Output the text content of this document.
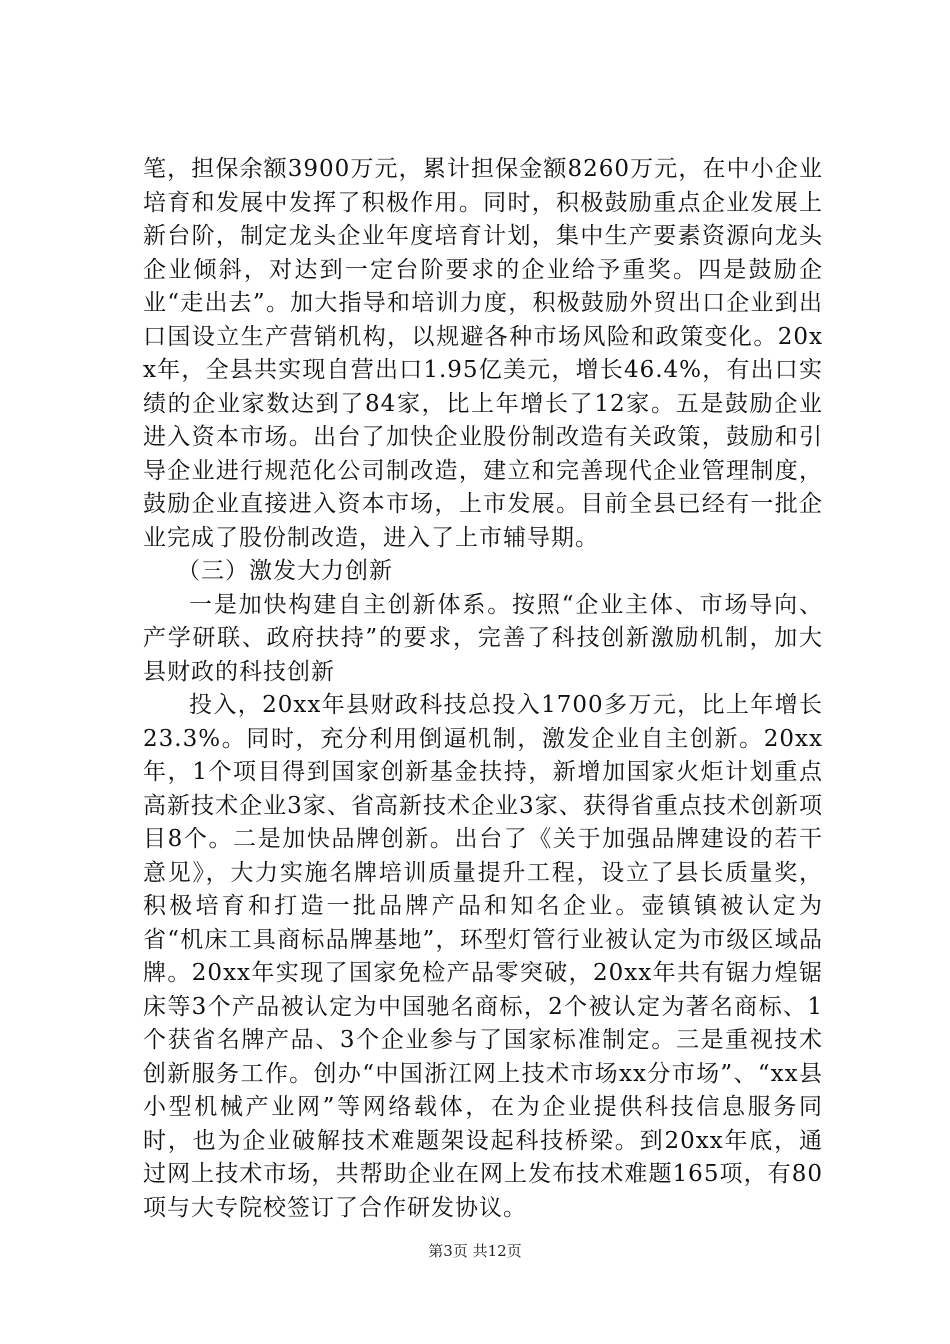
笔，担保余额3900万元，累计担保金额8260万元，在中小企业培育和发展中发挥了积极作用。同时，积极鼓励重点企业发展上新台阶，制定龙头企业年度培育计划，集中生产要素资源向龙头企业倾斜，对达到一定台阶要求的企业给予重奖。四是鼓励企业“走出去”。加大指导和培训力度，积极鼓励外贸出口企业到出口国设立生产营销机构，以规避各种市场风险和政策变化。20xx年，全县共实现自营出口1.95亿美元，增长46.4%，有出口实绩的企业家数达到了84家，比上年增长了12家。五是鼓励企业进入资本市场。出台了加快企业股份制改造有关政策，鼓励和引导企业进行规范化公司制改造，建立和完善现代企业管理制度，鼓励企业直接进入资本市场，上市发展。目前全县已经有一批企业完成了股份制改造，进入了上市辅导期。

（三）激发大力创新

一是加快构建自主创新体系。按照“企业主体、市场导向、产学研联、政府扶持”的要求，完善了科技创新激励机制，加大县财政的科技创新

投入，20xx年县财政科技总投入1700多万元，比上年增长23.3%。同时，充分利用倒逼机制，激发企业自主创新。20xx年，1个项目得到国家创新基金扶持，新增加国家火炬计划重点高新技术企业3家、省高新技术企业3家、获得省重点技术创新项目8个。二是加快品牌创新。出台了《关于加强品牌建设的若干意见》，大力实施名牌培训质量提升工程，设立了县长质量奖，积极培育和打造一批品牌产品和知名企业。壶镇镇被认定为省“机床工具商标品牌基地”，环型灯管行业被认定为市级区域品牌。20xx年实现了国家免检产品零突破，20xx年共有锯力煌锯床等3个产品被认定为中国驰名商标，2个被认定为著名商标、1个获省名牌产品、3个企业参与了国家标准制定。三是重视技术创新服务工作。创办“中国浙江网上技术市场xx分市场”、“xx县小型机械产业网”等网络载体，在为企业提供科技信息服务同时，也为企业破解技术难题架设起科技桥梁。到20xx年底，通过网上技术市场，共帮助企业在网上发布技术难题165项，有80项与大专院校签订了合作研发协议。

第3页 共12页
